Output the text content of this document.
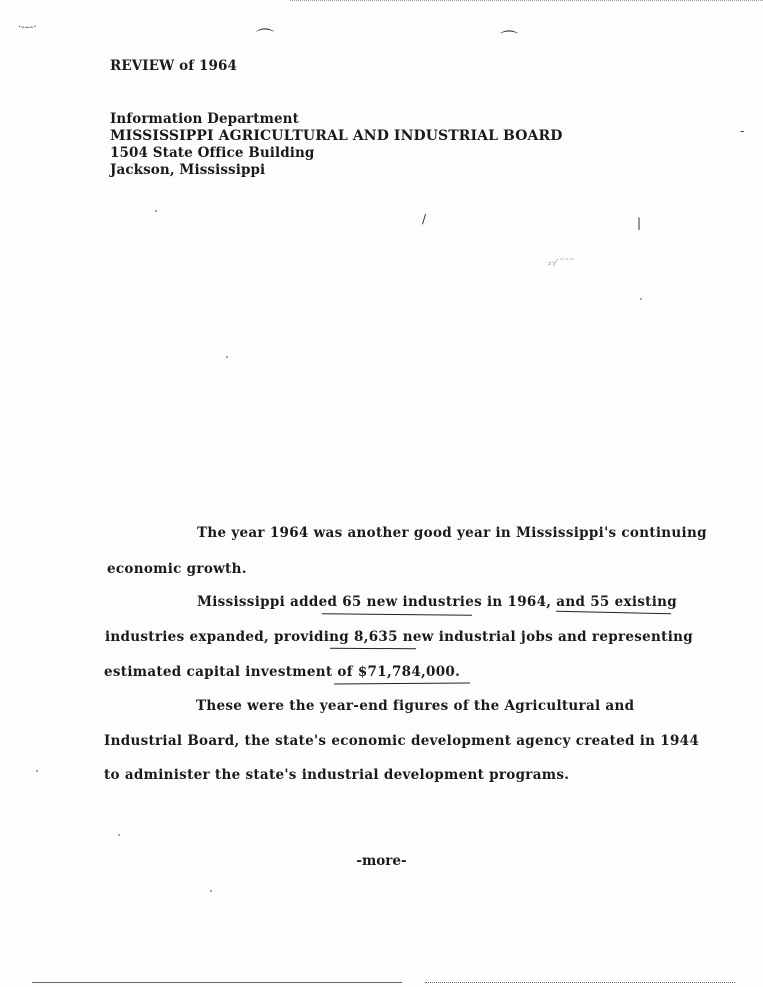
·‐–‐·
⌒	⌒
/	|
⸗·⁄ ˜˘˜
‐
REVIEW of 1964
Information Department
MISSISSIPPI AGRICULTURAL AND INDUSTRIAL BOARD
1504 State Office Building
Jackson, Mississippi
The year 1964 was another good year in Mississippi's continuing
economic growth.
Mississippi added 65 new industries in 1964, and 55 existing
industries expanded, providing 8,635 new industrial jobs and representing
estimated capital investment of $71,784,000.
These were the year-end figures of the Agricultural and
Industrial Board, the state's economic development agency created in 1944
to administer the state's industrial development programs.
-more-
